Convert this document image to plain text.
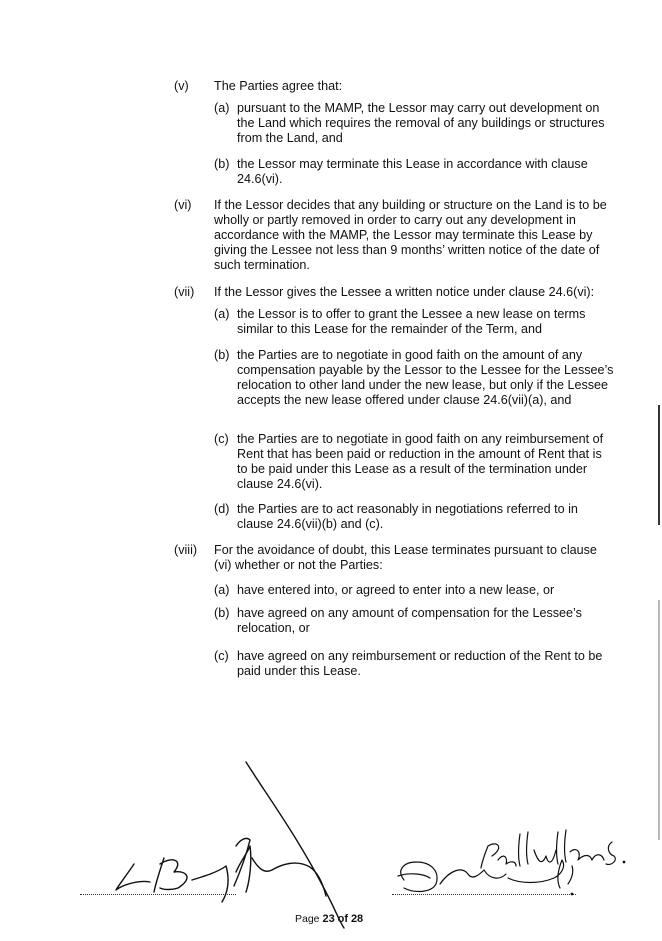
(v) The Parties agree that:
(a) pursuant to the MAMP, the Lessor may carry out development on the Land which requires the removal of any buildings or structures from the Land, and
(b) the Lessor may terminate this Lease in accordance with clause 24.6(vi).
(vi) If the Lessor decides that any building or structure on the Land is to be wholly or partly removed in order to carry out any development in accordance with the MAMP, the Lessor may terminate this Lease by giving the Lessee not less than 9 months’ written notice of the date of such termination.
(vii) If the Lessor gives the Lessee a written notice under clause 24.6(vi):
(a) the Lessor is to offer to grant the Lessee a new lease on terms similar to this Lease for the remainder of the Term, and
(b) the Parties are to negotiate in good faith on the amount of any compensation payable by the Lessor to the Lessee for the Lessee’s relocation to other land under the new lease, but only if the Lessee accepts the new lease offered under clause 24.6(vii)(a), and
(c) the Parties are to negotiate in good faith on any reimbursement of Rent that has been paid or reduction in the amount of Rent that is to be paid under this Lease as a result of the termination under clause 24.6(vi).
(d) the Parties are to act reasonably in negotiations referred to in clause 24.6(vii)(b) and (c).
(viii) For the avoidance of doubt, this Lease terminates pursuant to clause (vi) whether or not the Parties:
(a) have entered into, or agreed to enter into a new lease, or
(b) have agreed on any amount of compensation for the Lessee’s relocation, or
(c) have agreed on any reimbursement or reduction of the Rent to be paid under this Lease.
Page 23 of 28
